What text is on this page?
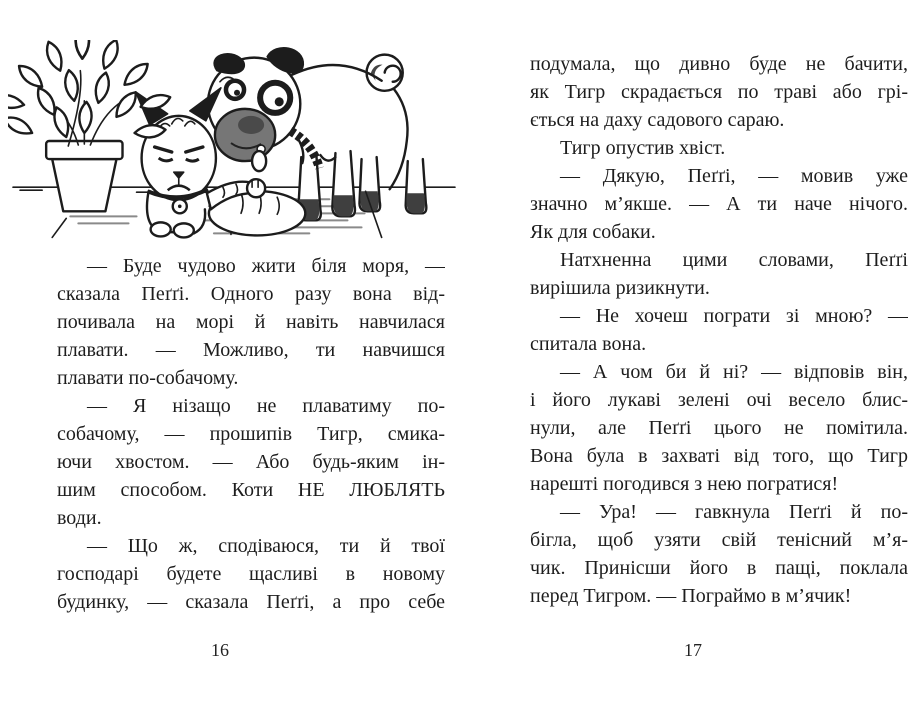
— Буде чудово жити біля моря, —
сказала Пеґґі. Одного разу вона від-
почивала на морі й навіть навчилася
плавати. — Можливо, ти навчишся
плавати по-собачому.
— Я нізащо не плаватиму по-
собачому, — прошипів Тигр, смика-
ючи хвостом. — Або будь-яким ін-
шим способом. Коти НЕ ЛЮБЛЯТЬ
води.
— Що ж, сподіваюся, ти й твої
господарі будете щасливі в новому
будинку, — сказала Пеґґі, а про себе
подумала, що дивно буде не бачити,
як Тигр скрадається по траві або грі-
ється на даху садового сараю.
Тигр опустив хвіст.
— Дякую, Пеґґі, — мовив уже
значно м’якше. — А ти наче нічого.
Як для собаки.
Натхненна цими словами, Пеґґі
вирішила ризикнути.
— Не хочеш пограти зі мною? —
спитала вона.
— А чом би й ні? — відповів він,
і його лукаві зелені очі весело блис-
нули, але Пеґґі цього не помітила.
Вона була в захваті від того, що Тигр
нарешті погодився з нею погратися!
— Ура! — гавкнула Пеґґі й по-
бігла, щоб узяти свій тенісний м’я-
чик. Принісши його в пащі, поклала
перед Тигром. — Пограймо в м’ячик!
16	17
